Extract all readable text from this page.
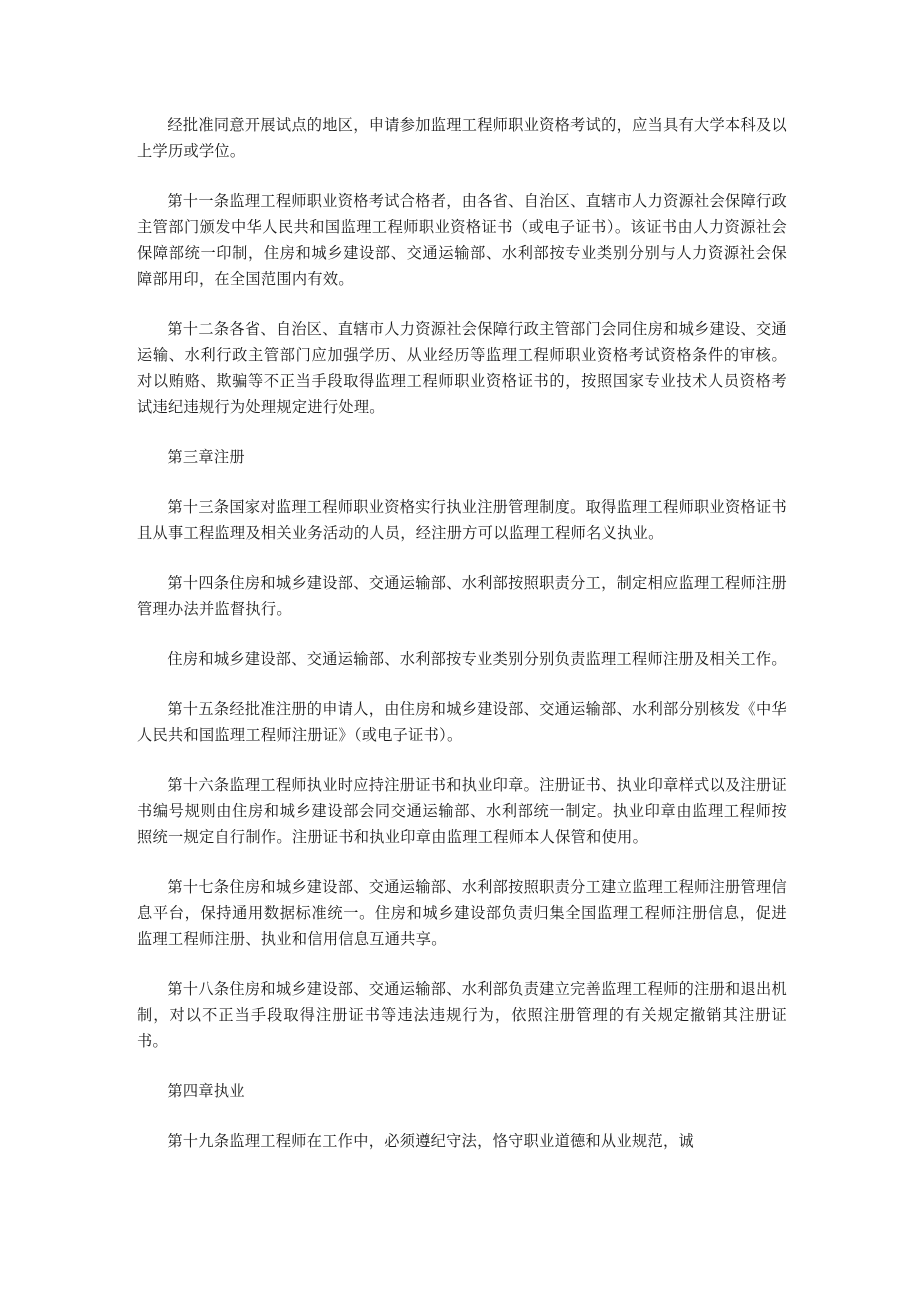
经批准同意开展试点的地区，申请参加监理工程师职业资格考试的，应当具有大学本科及以上学历或学位。

第十一条监理工程师职业资格考试合格者，由各省、自治区、直辖市人力资源社会保障行政主管部门颁发中华人民共和国监理工程师职业资格证书（或电子证书）。该证书由人力资源社会保障部统一印制，住房和城乡建设部、交通运输部、水利部按专业类别分别与人力资源社会保障部用印，在全国范围内有效。

第十二条各省、自治区、直辖市人力资源社会保障行政主管部门会同住房和城乡建设、交通运输、水利行政主管部门应加强学历、从业经历等监理工程师职业资格考试资格条件的审核。对以贿赂、欺骗等不正当手段取得监理工程师职业资格证书的，按照国家专业技术人员资格考试违纪违规行为处理规定进行处理。

第三章注册

第十三条国家对监理工程师职业资格实行执业注册管理制度。取得监理工程师职业资格证书且从事工程监理及相关业务活动的人员，经注册方可以监理工程师名义执业。

第十四条住房和城乡建设部、交通运输部、水利部按照职责分工，制定相应监理工程师注册管理办法并监督执行。

住房和城乡建设部、交通运输部、水利部按专业类别分别负责监理工程师注册及相关工作。

第十五条经批准注册的申请人，由住房和城乡建设部、交通运输部、水利部分别核发《中华人民共和国监理工程师注册证》（或电子证书）。

第十六条监理工程师执业时应持注册证书和执业印章。注册证书、执业印章样式以及注册证书编号规则由住房和城乡建设部会同交通运输部、水利部统一制定。执业印章由监理工程师按照统一规定自行制作。注册证书和执业印章由监理工程师本人保管和使用。

第十七条住房和城乡建设部、交通运输部、水利部按照职责分工建立监理工程师注册管理信息平台，保持通用数据标准统一。住房和城乡建设部负责归集全国监理工程师注册信息，促进监理工程师注册、执业和信用信息互通共享。

第十八条住房和城乡建设部、交通运输部、水利部负责建立完善监理工程师的注册和退出机制，对以不正当手段取得注册证书等违法违规行为，依照注册管理的有关规定撤销其注册证书。

第四章执业

第十九条监理工程师在工作中，必须遵纪守法，恪守职业道德和从业规范，诚
